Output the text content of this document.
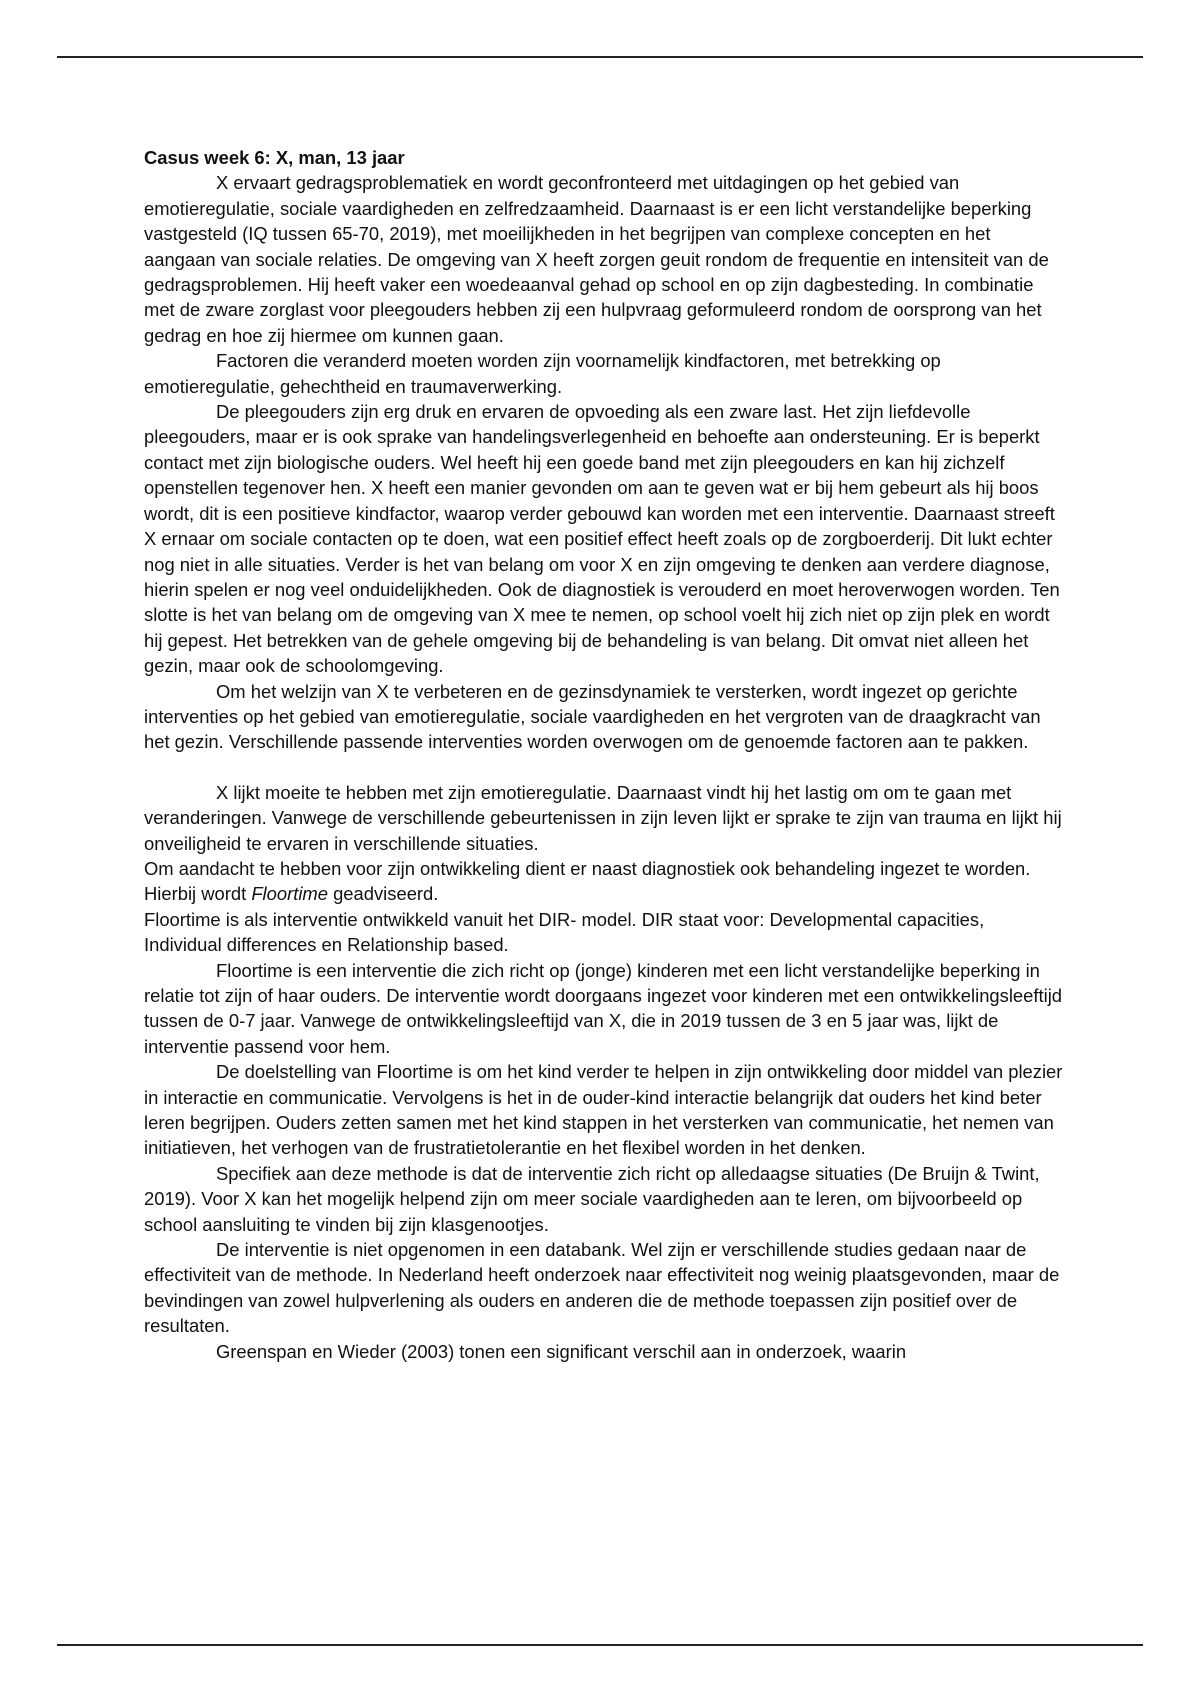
Casus week 6: X, man, 13 jaar

X ervaart gedragsproblematiek en wordt geconfronteerd met uitdagingen op het gebied van emotieregulatie, sociale vaardigheden en zelfredzaamheid. Daarnaast is er een licht verstandelijke beperking vastgesteld (IQ tussen 65-70, 2019), met moeilijkheden in het begrijpen van complexe concepten en het aangaan van sociale relaties. De omgeving van X heeft zorgen geuit rondom de frequentie en intensiteit van de gedragsproblemen. Hij heeft vaker een woedeaanval gehad op school en op zijn dagbesteding. In combinatie met de zware zorglast voor pleegouders hebben zij een hulpvraag geformuleerd rondom de oorsprong van het gedrag en hoe zij hiermee om kunnen gaan.

Factoren die veranderd moeten worden zijn voornamelijk kindfactoren, met betrekking op emotieregulatie, gehechtheid en traumaverwerking.

De pleegouders zijn erg druk en ervaren de opvoeding als een zware last. Het zijn liefdevolle pleegouders, maar er is ook sprake van handelingsverlegenheid en behoefte aan ondersteuning. Er is beperkt contact met zijn biologische ouders. Wel heeft hij een goede band met zijn pleegouders en kan hij zichzelf openstellen tegenover hen. X heeft een manier gevonden om aan te geven wat er bij hem gebeurt als hij boos wordt, dit is een positieve kindfactor, waarop verder gebouwd kan worden met een interventie. Daarnaast streeft X ernaar om sociale contacten op te doen, wat een positief effect heeft zoals op de zorgboerderij. Dit lukt echter nog niet in alle situaties. Verder is het van belang om voor X en zijn omgeving te denken aan verdere diagnose, hierin spelen er nog veel onduidelijkheden. Ook de diagnostiek is verouderd en moet heroverwogen worden. Ten slotte is het van belang om de omgeving van X mee te nemen, op school voelt hij zich niet op zijn plek en wordt hij gepest. Het betrekken van de gehele omgeving bij de behandeling is van belang. Dit omvat niet alleen het gezin, maar ook de schoolomgeving.

Om het welzijn van X te verbeteren en de gezinsdynamiek te versterken, wordt ingezet op gerichte interventies op het gebied van emotieregulatie, sociale vaardigheden en het vergroten van de draagkracht van het gezin. Verschillende passende interventies worden overwogen om de genoemde factoren aan te pakken.

X lijkt moeite te hebben met zijn emotieregulatie. Daarnaast vindt hij het lastig om om te gaan met veranderingen. Vanwege de verschillende gebeurtenissen in zijn leven lijkt er sprake te zijn van trauma en lijkt hij onveiligheid te ervaren in verschillende situaties.

Om aandacht te hebben voor zijn ontwikkeling dient er naast diagnostiek ook behandeling ingezet te worden. Hierbij wordt Floortime geadviseerd.

Floortime is als interventie ontwikkeld vanuit het DIR- model. DIR staat voor: Developmental capacities, Individual differences en Relationship based.

Floortime is een interventie die zich richt op (jonge) kinderen met een licht verstandelijke beperking in relatie tot zijn of haar ouders. De interventie wordt doorgaans ingezet voor kinderen met een ontwikkelingsleeftijd tussen de 0-7 jaar. Vanwege de ontwikkelingsleeftijd van X, die in 2019 tussen de 3 en 5 jaar was, lijkt de interventie passend voor hem.

De doelstelling van Floortime is om het kind verder te helpen in zijn ontwikkeling door middel van plezier in interactie en communicatie. Vervolgens is het in de ouder-kind interactie belangrijk dat ouders het kind beter leren begrijpen. Ouders zetten samen met het kind stappen in het versterken van communicatie, het nemen van initiatieven, het verhogen van de frustratietolerantie en het flexibel worden in het denken.

Specifiek aan deze methode is dat de interventie zich richt op alledaagse situaties (De Bruijn & Twint, 2019). Voor X kan het mogelijk helpend zijn om meer sociale vaardigheden aan te leren, om bijvoorbeeld op school aansluiting te vinden bij zijn klasgenootjes.

De interventie is niet opgenomen in een databank. Wel zijn er verschillende studies gedaan naar de effectiviteit van de methode. In Nederland heeft onderzoek naar effectiviteit nog weinig plaatsgevonden, maar de bevindingen van zowel hulpverlening als ouders en anderen die de methode toepassen zijn positief over de resultaten.

Greenspan en Wieder (2003) tonen een significant verschil aan in onderzoek, waarin
